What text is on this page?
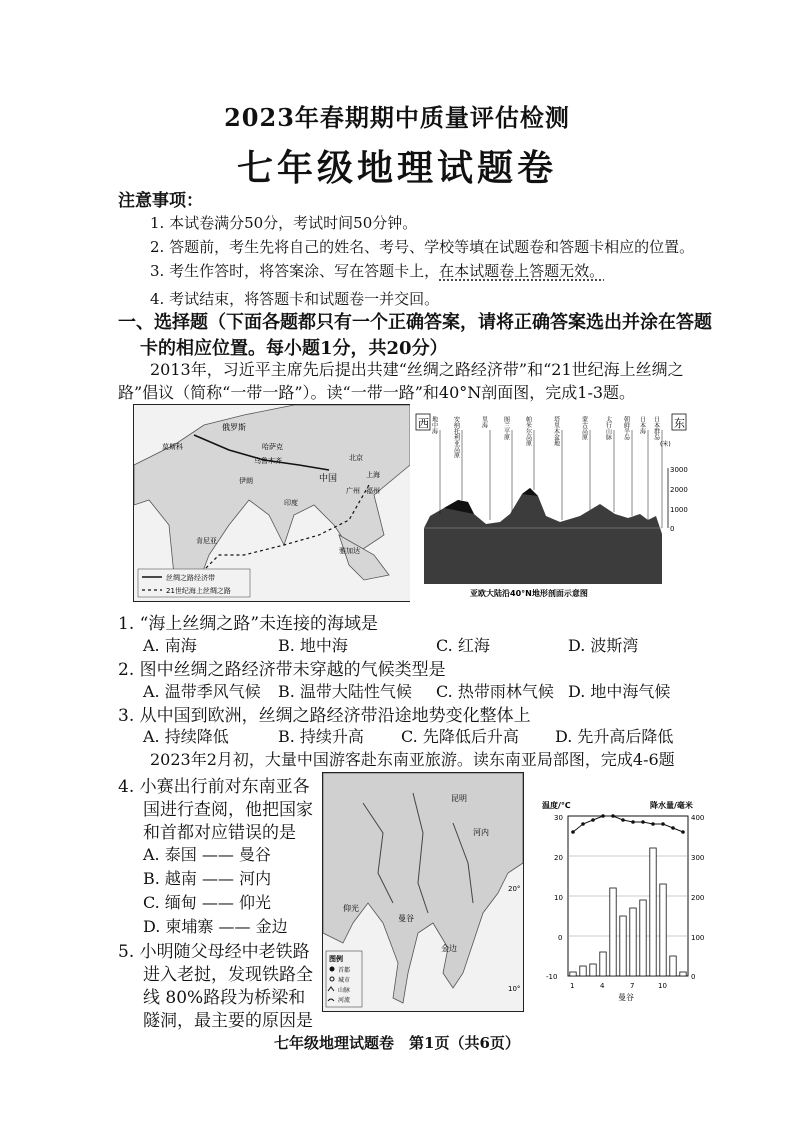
2023年春期期中质量评估检测
七年级地理试题卷
注意事项：
1. 本试卷满分50分，考试时间50分钟。
2. 答题前，考生先将自己的姓名、考号、学校等填在试题卷和答题卡相应的位置。
3. 考生作答时，将答案涂、写在答题卡上，在本试题卷上答题无效。
4. 考试结束，将答题卡和试题卷一并交回。
一、选择题（下面各题都只有一个正确答案，请将正确答案选出并涂在答题
卡的相应位置。每小题1分，共20分）
2013年，习近平主席先后提出共建“丝绸之路经济带”和“21世纪海上丝绸之
路”倡议（简称“一带一路”）。读“一带一路”和40°N剖面图，完成1-3题。
俄罗斯
莫斯科
乌鲁木齐
哈萨克
北京
中国
伊朗
印度
上海
广州 福州
肯尼亚
雅加达
丝绸之路经济带
21世纪海上丝绸之路
西	东
(米)
地中海	安纳托利亚高原	里海	图兰平原	帕米尔高原	塔里木盆地	蒙古高原	太行山脉 朝鲜半岛 日本海 日本群岛
3000
2000
1000
0
亚欧大陆沿40°N地形剖面示意图
1. “海上丝绸之路”未连接的海域是
A. 南海	B. 地中海	C. 红海	D. 波斯湾
2. 图中丝绸之路经济带未穿越的气候类型是
A. 温带季风气候 B. 温带大陆性气候 C. 热带雨林气候 D. 地中海气候
3. 从中国到欧洲，丝绸之路经济带沿途地势变化整体上
A. 持续降低	B. 持续升高 C. 先降低后升高 D. 先升高后降低
2023年2月初，大量中国游客赴东南亚旅游。读东南亚局部图，完成4-6题
4. 小赛出行前对东南亚各
国进行查阅，他把国家
和首都对应错误的是
A. 泰国 —— 曼谷
B. 越南 —— 河内
C. 缅甸 —— 仰光
D. 柬埔寨 —— 金边
5. 小明随父母经中老铁路
进入老挝，发现铁路全
线 80%路段为桥梁和
隧洞，最主要的原因是
昆明
河内
仰光
曼谷
金边
20°
10°
图例
首都
城市
山脉
河流
温度/℃	降水量/毫米
30
20
10
0
-10
400
300
200
100
0
1	4	7	10
曼谷
七年级地理试题卷　第1页（共6页）
